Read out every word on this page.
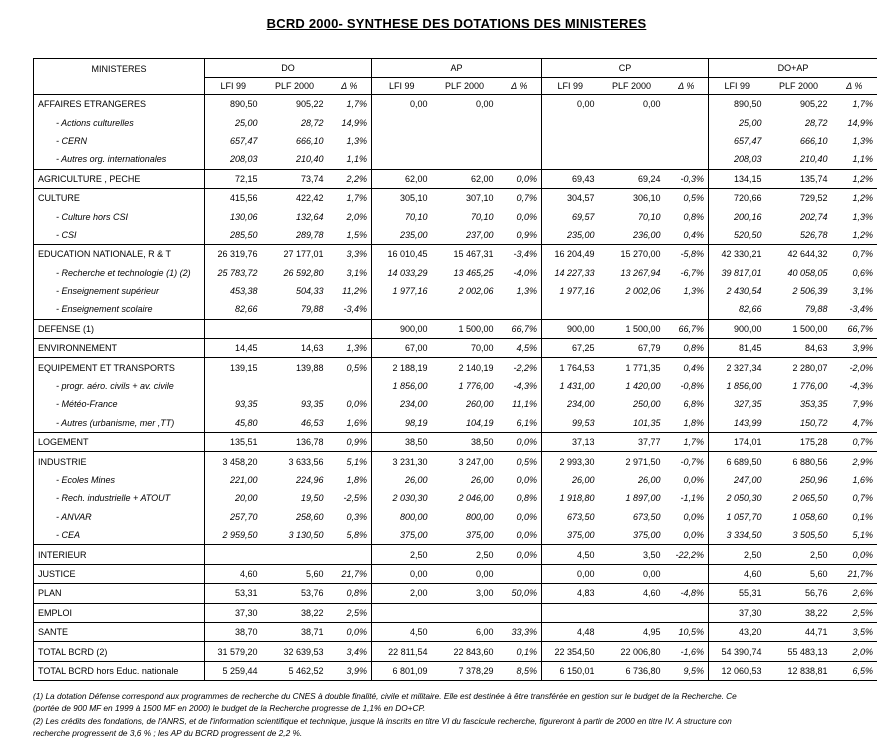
BCRD 2000- SYNTHESE DES DOTATIONS DES MINISTERES
MINISTERES	DO			AP			CP			DO+AP		
	LFI 99	PLF 2000	Δ %	LFI 99	PLF 2000	Δ %	LFI 99	PLF 2000	Δ %	LFI 99	PLF 2000	Δ %
AFFAIRES ETRANGERES	890,50	905,22	1,7%	0,00	0,00		0,00	0,00		890,50	905,22	1,7%
- Actions culturelles	25,00	28,72	14,9%							25,00	28,72	14,9%
- CERN	657,47	666,10	1,3%							657,47	666,10	1,3%
- Autres org. internationales	208,03	210,40	1,1%							208,03	210,40	1,1%
AGRICULTURE , PECHE	72,15	73,74	2,2%	62,00	62,00	0,0%	69,43	69,24	-0,3%	134,15	135,74	1,2%
CULTURE	415,56	422,42	1,7%	305,10	307,10	0,7%	304,57	306,10	0,5%	720,66	729,52	1,2%
- Culture hors CSI	130,06	132,64	2,0%	70,10	70,10	0,0%	69,57	70,10	0,8%	200,16	202,74	1,3%
- CSI	285,50	289,78	1,5%	235,00	237,00	0,9%	235,00	236,00	0,4%	520,50	526,78	1,2%
EDUCATION NATIONALE, R & T	26 319,76	27 177,01	3,3%	16 010,45	15 467,31	-3,4%	16 204,49	15 270,00	-5,8%	42 330,21	42 644,32	0,7%
- Recherche et technologie (1) (2)	25 783,72	26 592,80	3,1%	14 033,29	13 465,25	-4,0%	14 227,33	13 267,94	-6,7%	39 817,01	40 058,05	0,6%
- Enseignement supérieur	453,38	504,33	11,2%	1 977,16	2 002,06	1,3%	1 977,16	2 002,06	1,3%	2 430,54	2 506,39	3,1%
- Enseignement scolaire	82,66	79,88	-3,4%							82,66	79,88	-3,4%
DEFENSE (1)				900,00	1 500,00	66,7%	900,00	1 500,00	66,7%	900,00	1 500,00	66,7%
ENVIRONNEMENT	14,45	14,63	1,3%	67,00	70,00	4,5%	67,25	67,79	0,8%	81,45	84,63	3,9%
EQUIPEMENT ET TRANSPORTS	139,15	139,88	0,5%	2 188,19	2 140,19	-2,2%	1 764,53	1 771,35	0,4%	2 327,34	2 280,07	-2,0%
- progr. aéro. civils + av. civile				1 856,00	1 776,00	-4,3%	1 431,00	1 420,00	-0,8%	1 856,00	1 776,00	-4,3%
- Météo-France	93,35	93,35	0,0%	234,00	260,00	11,1%	234,00	250,00	6,8%	327,35	353,35	7,9%
- Autres (urbanisme, mer ,TT)	45,80	46,53	1,6%	98,19	104,19	6,1%	99,53	101,35	1,8%	143,99	150,72	4,7%
LOGEMENT	135,51	136,78	0,9%	38,50	38,50	0,0%	37,13	37,77	1,7%	174,01	175,28	0,7%
INDUSTRIE	3 458,20	3 633,56	5,1%	3 231,30	3 247,00	0,5%	2 993,30	2 971,50	-0,7%	6 689,50	6 880,56	2,9%
- Ecoles Mines	221,00	224,96	1,8%	26,00	26,00	0,0%	26,00	26,00	0,0%	247,00	250,96	1,6%
- Rech. industrielle + ATOUT	20,00	19,50	-2,5%	2 030,30	2 046,00	0,8%	1 918,80	1 897,00	-1,1%	2 050,30	2 065,50	0,7%
- ANVAR	257,70	258,60	0,3%	800,00	800,00	0,0%	673,50	673,50	0,0%	1 057,70	1 058,60	0,1%
- CEA	2 959,50	3 130,50	5,8%	375,00	375,00	0,0%	375,00	375,00	0,0%	3 334,50	3 505,50	5,1%
INTERIEUR				2,50	2,50	0,0%	4,50	3,50	-22,2%	2,50	2,50	0,0%
JUSTICE	4,60	5,60	21,7%	0,00	0,00		0,00	0,00		4,60	5,60	21,7%
PLAN	53,31	53,76	0,8%	2,00	3,00	50,0%	4,83	4,60	-4,8%	55,31	56,76	2,6%
EMPLOI	37,30	38,22	2,5%							37,30	38,22	2,5%
SANTE	38,70	38,71	0,0%	4,50	6,00	33,3%	4,48	4,95	10,5%	43,20	44,71	3,5%
TOTAL BCRD (2)	31 579,20	32 639,53	3,4%	22 811,54	22 843,60	0,1%	22 354,50	22 006,80	-1,6%	54 390,74	55 483,13	2,0%
TOTAL BCRD hors Educ. nationale	5 259,44	5 462,52	3,9%	6 801,09	7 378,29	8,5%	6 150,01	6 736,80	9,5%	12 060,53	12 838,81	6,5%
(1) La dotation Défense correspond aux programmes de recherche du CNES à double finalité, civile et militaire. Elle est destinée à être transférée en gestion sur le budget de la Recherche. Ce
(portée de 900 MF en 1999 à 1500 MF en 2000) le budget de la Recherche progresse de 1,1% en DO+CP.
(2) Les crédits des fondations, de l'ANRS, et de l'information scientifique et technique, jusque là inscrits en titre VI du fascicule recherche, figureront à partir de 2000 en titre IV. A structure con
recherche progressent de 3,6 % ; les AP du BCRD progressent de 2,2 %.
